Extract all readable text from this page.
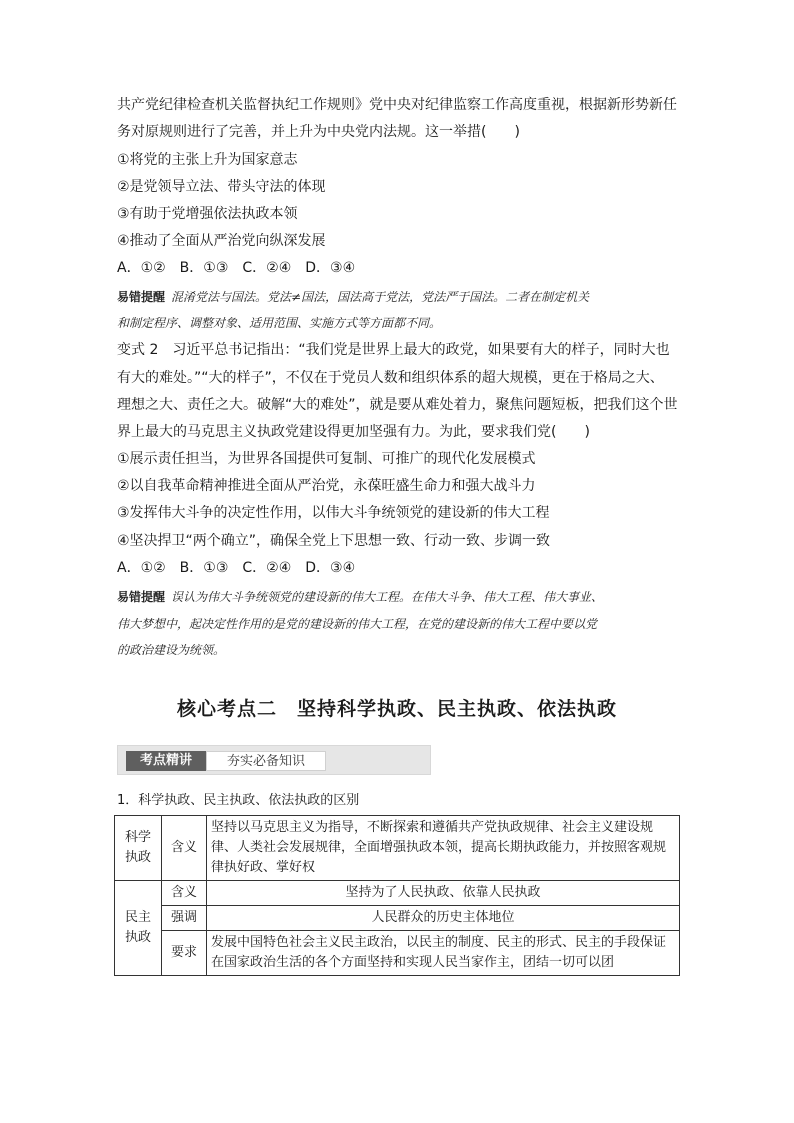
共产党纪律检查机关监督执纪工作规则》党中央对纪律监察工作高度重视，根据新形势新任
务对原规则进行了完善，并上升为中央党内法规。这一举措(　　)
①将党的主张上升为国家意志
②是党领导立法、带头守法的体现
③有助于党增强依法执政本领
④推动了全面从严治党向纵深发展
A．①②　B．①③　C．②④　D．③④
易错提醒 混淆党法与国法。党法≠国法，国法高于党法，党法严于国法。二者在制定机关
和制定程序、调整对象、适用范围、实施方式等方面都不同。
变式 2　习近平总书记指出：“我们党是世界上最大的政党，如果要有大的样子，同时大也
有大的难处。”“大的样子”，不仅在于党员人数和组织体系的超大规模，更在于格局之大、
理想之大、责任之大。破解“大的难处”，就是要从难处着力，聚焦问题短板，把我们这个世
界上最大的马克思主义执政党建设得更加坚强有力。为此，要求我们党(　　)
①展示责任担当，为世界各国提供可复制、可推广的现代化发展模式
②以自我革命精神推进全面从严治党，永葆旺盛生命力和强大战斗力
③发挥伟大斗争的决定性作用，以伟大斗争统领党的建设新的伟大工程
④坚决捍卫“两个确立”，确保全党上下思想一致、行动一致、步调一致
A．①②　B．①③　C．②④　D．③④
易错提醒 误认为伟大斗争统领党的建设新的伟大工程。在伟大斗争、伟大工程、伟大事业、
伟大梦想中，起决定性作用的是党的建设新的伟大工程，在党的建设新的伟大工程中要以党
的政治建设为统领。
核心考点二　坚持科学执政、民主执政、依法执政
考点精讲	夯实必备知识
1．科学执政、民主执政、依法执政的区别
科学执政	含义	坚持以马克思主义为指导，不断探索和遵循共产党执政规律、社会主义建设规律、人类社会发展规律，全面增强执政本领，提高长期执政能力，并按照客观规律执好政、掌好权
民主执政	含义	坚持为了人民执政、依靠人民执政
	强调	人民群众的历史主体地位
	要求	发展中国特色社会主义民主政治，以民主的制度、民主的形式、民主的手段保证在国家政治生活的各个方面坚持和实现人民当家作主，团结一切可以团
